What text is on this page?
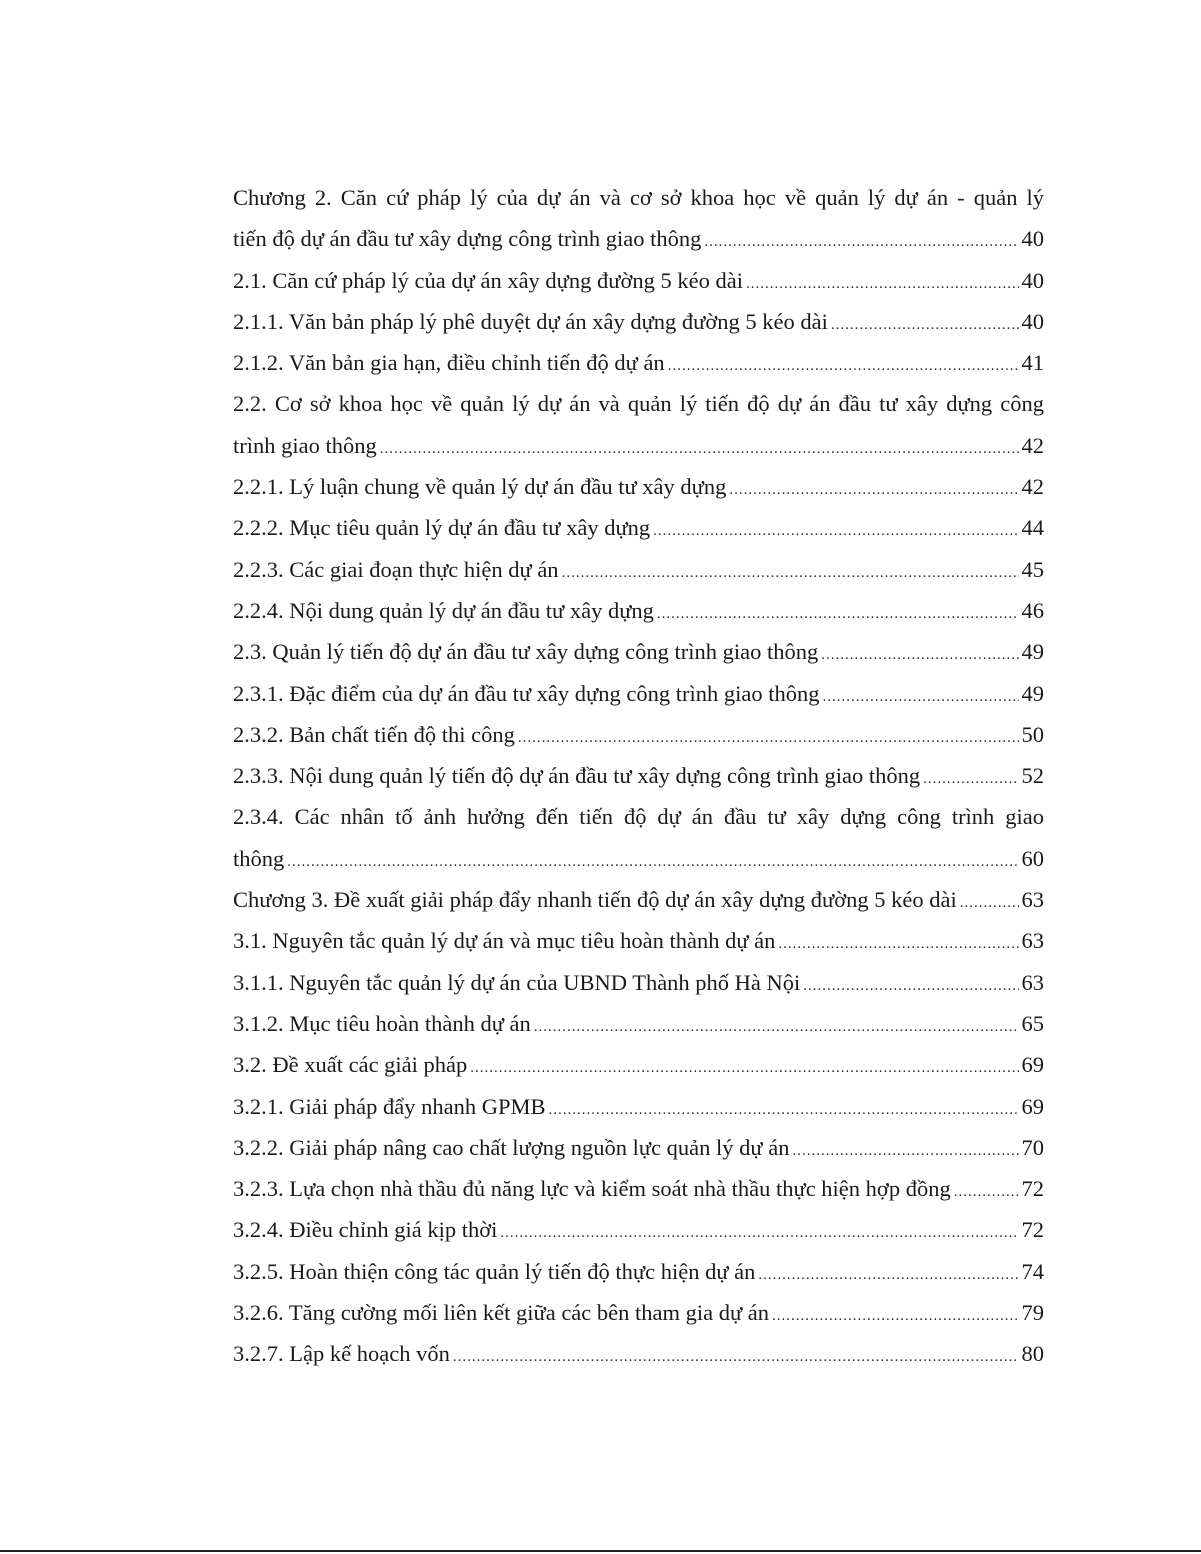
Chương 2. Căn cứ pháp lý của dự án và cơ sở khoa học về quản lý dự án - quản lý
tiến độ dự án đầu tư xây dựng công trình giao thông .....	40
2.1. Căn cứ pháp lý của dự án xây dựng đường 5 kéo dài .....	40
2.1.1. Văn bản pháp lý phê duyệt dự án xây dựng đường 5 kéo dài .....	40
2.1.2. Văn bản gia hạn, điều chỉnh tiến độ dự án .....	41
2.2. Cơ sở khoa học về quản lý dự án và quản lý tiến độ dự án đầu tư xây dựng công
trình giao thông .....	42
2.2.1. Lý luận chung về quản lý dự án đầu tư xây dựng .....	42
2.2.2. Mục tiêu quản lý dự án đầu tư xây dựng .....	44
2.2.3. Các giai đoạn thực hiện dự án .....	45
2.2.4. Nội dung quản lý dự án đầu tư xây dựng .....	46
2.3. Quản lý tiến độ dự án đầu tư xây dựng công trình giao thông .....	49
2.3.1. Đặc điểm của dự án đầu tư xây dựng công trình giao thông .....	49
2.3.2. Bản chất tiến độ thi công .....	50
2.3.3. Nội dung quản lý tiến độ dự án đầu tư xây dựng công trình giao thông .....	52
2.3.4. Các nhân tố ảnh hưởng đến tiến độ dự án đầu tư xây dựng công trình giao
thông .....	60
Chương 3. Đề xuất giải pháp đẩy nhanh tiến độ dự án xây dựng đường 5 kéo dài .....	63
3.1. Nguyên tắc quản lý dự án và mục tiêu hoàn thành dự án .....	63
3.1.1. Nguyên tắc quản lý dự án của UBND Thành phố Hà Nội .....	63
3.1.2. Mục tiêu hoàn thành dự án .....	65
3.2. Đề xuất các giải pháp .....	69
3.2.1. Giải pháp đẩy nhanh GPMB .....	69
3.2.2. Giải pháp nâng cao chất lượng nguồn lực quản lý dự án .....	70
3.2.3. Lựa chọn nhà thầu đủ năng lực và kiểm soát nhà thầu thực hiện hợp đồng .....	72
3.2.4. Điều chỉnh giá kịp thời .....	72
3.2.5. Hoàn thiện công tác quản lý tiến độ thực hiện dự án .....	74
3.2.6. Tăng cường mối liên kết giữa các bên tham gia dự án .....	79
3.2.7. Lập kế hoạch vốn .....	80
